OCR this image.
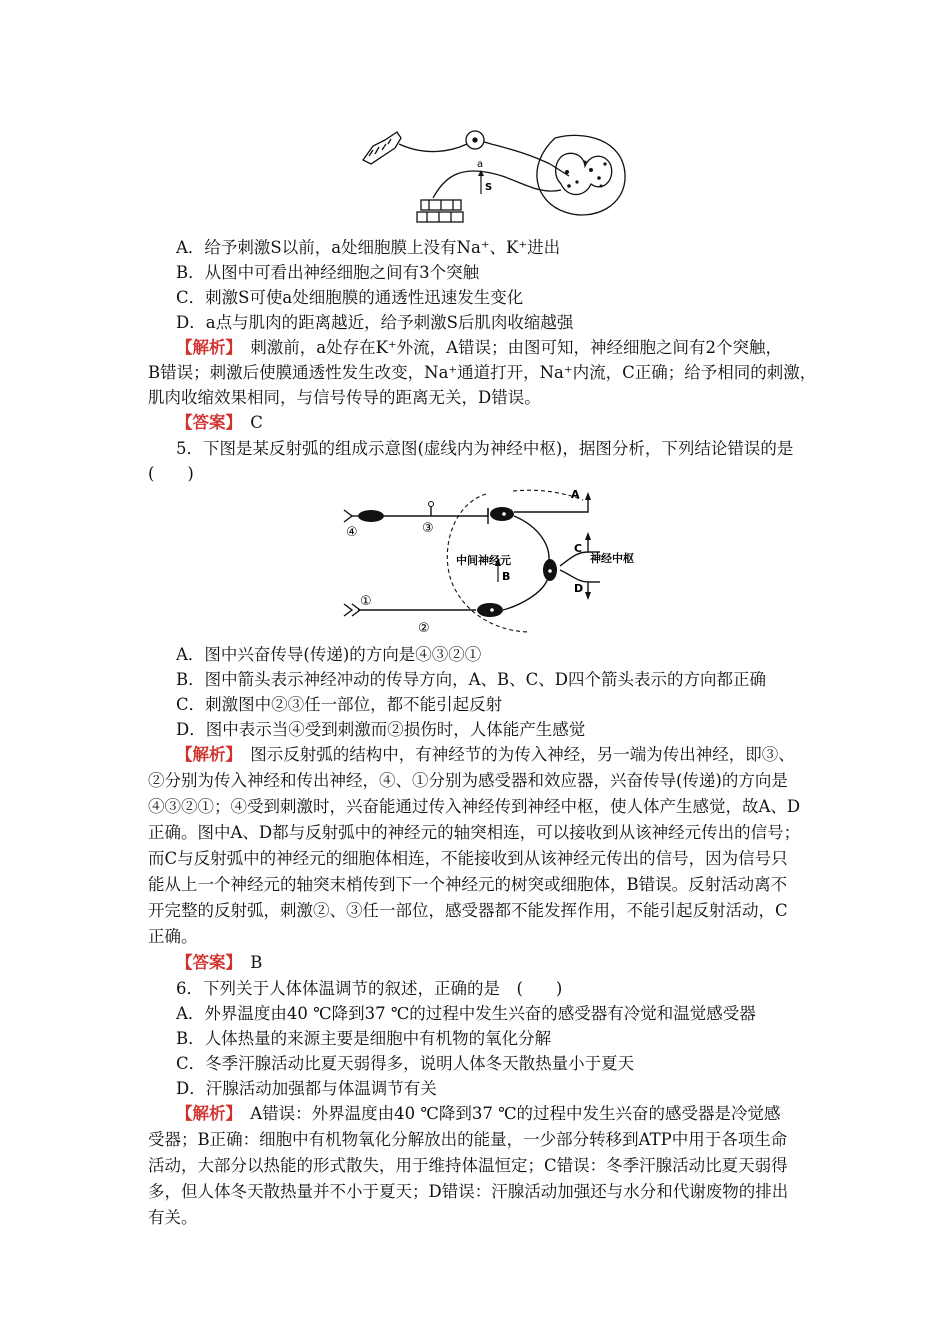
a
S
A．给予刺激S以前，a处细胞膜上没有Na⁺、K⁺进出
B．从图中可看出神经细胞之间有3个突触
C．刺激S可使a处细胞膜的通透性迅速发生变化
D．a点与肌肉的距离越近，给予刺激S后肌肉收缩越强
【解析】　刺激前，a处存在K⁺外流，A错误；由图可知，神经细胞之间有2个突触，
B错误；刺激后使膜通透性发生改变，Na⁺通道打开，Na⁺内流，C正确；给予相同的刺激，
肌肉收缩效果相同，与信号传导的距离无关，D错误。
【答案】　C
5．下图是某反射弧的组成示意图(虚线内为神经中枢)，据图分析，下列结论错误的是
(　　)
A
C
D
B
中间神经元	神经中枢
③
④
①
②
A．图中兴奋传导(传递)的方向是④③②①
B．图中箭头表示神经冲动的传导方向，A、B、C、D四个箭头表示的方向都正确
C．刺激图中②③任一部位，都不能引起反射
D．图中表示当④受到刺激而②损伤时，人体能产生感觉
【解析】　图示反射弧的结构中，有神经节的为传入神经，另一端为传出神经，即③、
②分别为传入神经和传出神经，④、①分别为感受器和效应器，兴奋传导(传递)的方向是
④③②①；④受到刺激时，兴奋能通过传入神经传到神经中枢，使人体产生感觉，故A、D
正确。图中A、D都与反射弧中的神经元的轴突相连，可以接收到从该神经元传出的信号；
而C与反射弧中的神经元的细胞体相连，不能接收到从该神经元传出的信号，因为信号只
能从上一个神经元的轴突末梢传到下一个神经元的树突或细胞体，B错误。反射活动离不
开完整的反射弧，刺激②、③任一部位，感受器都不能发挥作用，不能引起反射活动，C
正确。
【答案】　B
6．下列关于人体体温调节的叙述，正确的是　(　　)
A．外界温度由40 ℃降到37 ℃的过程中发生兴奋的感受器有冷觉和温觉感受器
B．人体热量的来源主要是细胞中有机物的氧化分解
C．冬季汗腺活动比夏天弱得多，说明人体冬天散热量小于夏天
D．汗腺活动加强都与体温调节有关
【解析】　A错误：外界温度由40 ℃降到37 ℃的过程中发生兴奋的感受器是冷觉感
受器；B正确：细胞中有机物氧化分解放出的能量，一少部分转移到ATP中用于各项生命
活动，大部分以热能的形式散失，用于维持体温恒定；C错误：冬季汗腺活动比夏天弱得
多，但人体冬天散热量并不小于夏天；D错误：汗腺活动加强还与水分和代谢废物的排出
有关。
